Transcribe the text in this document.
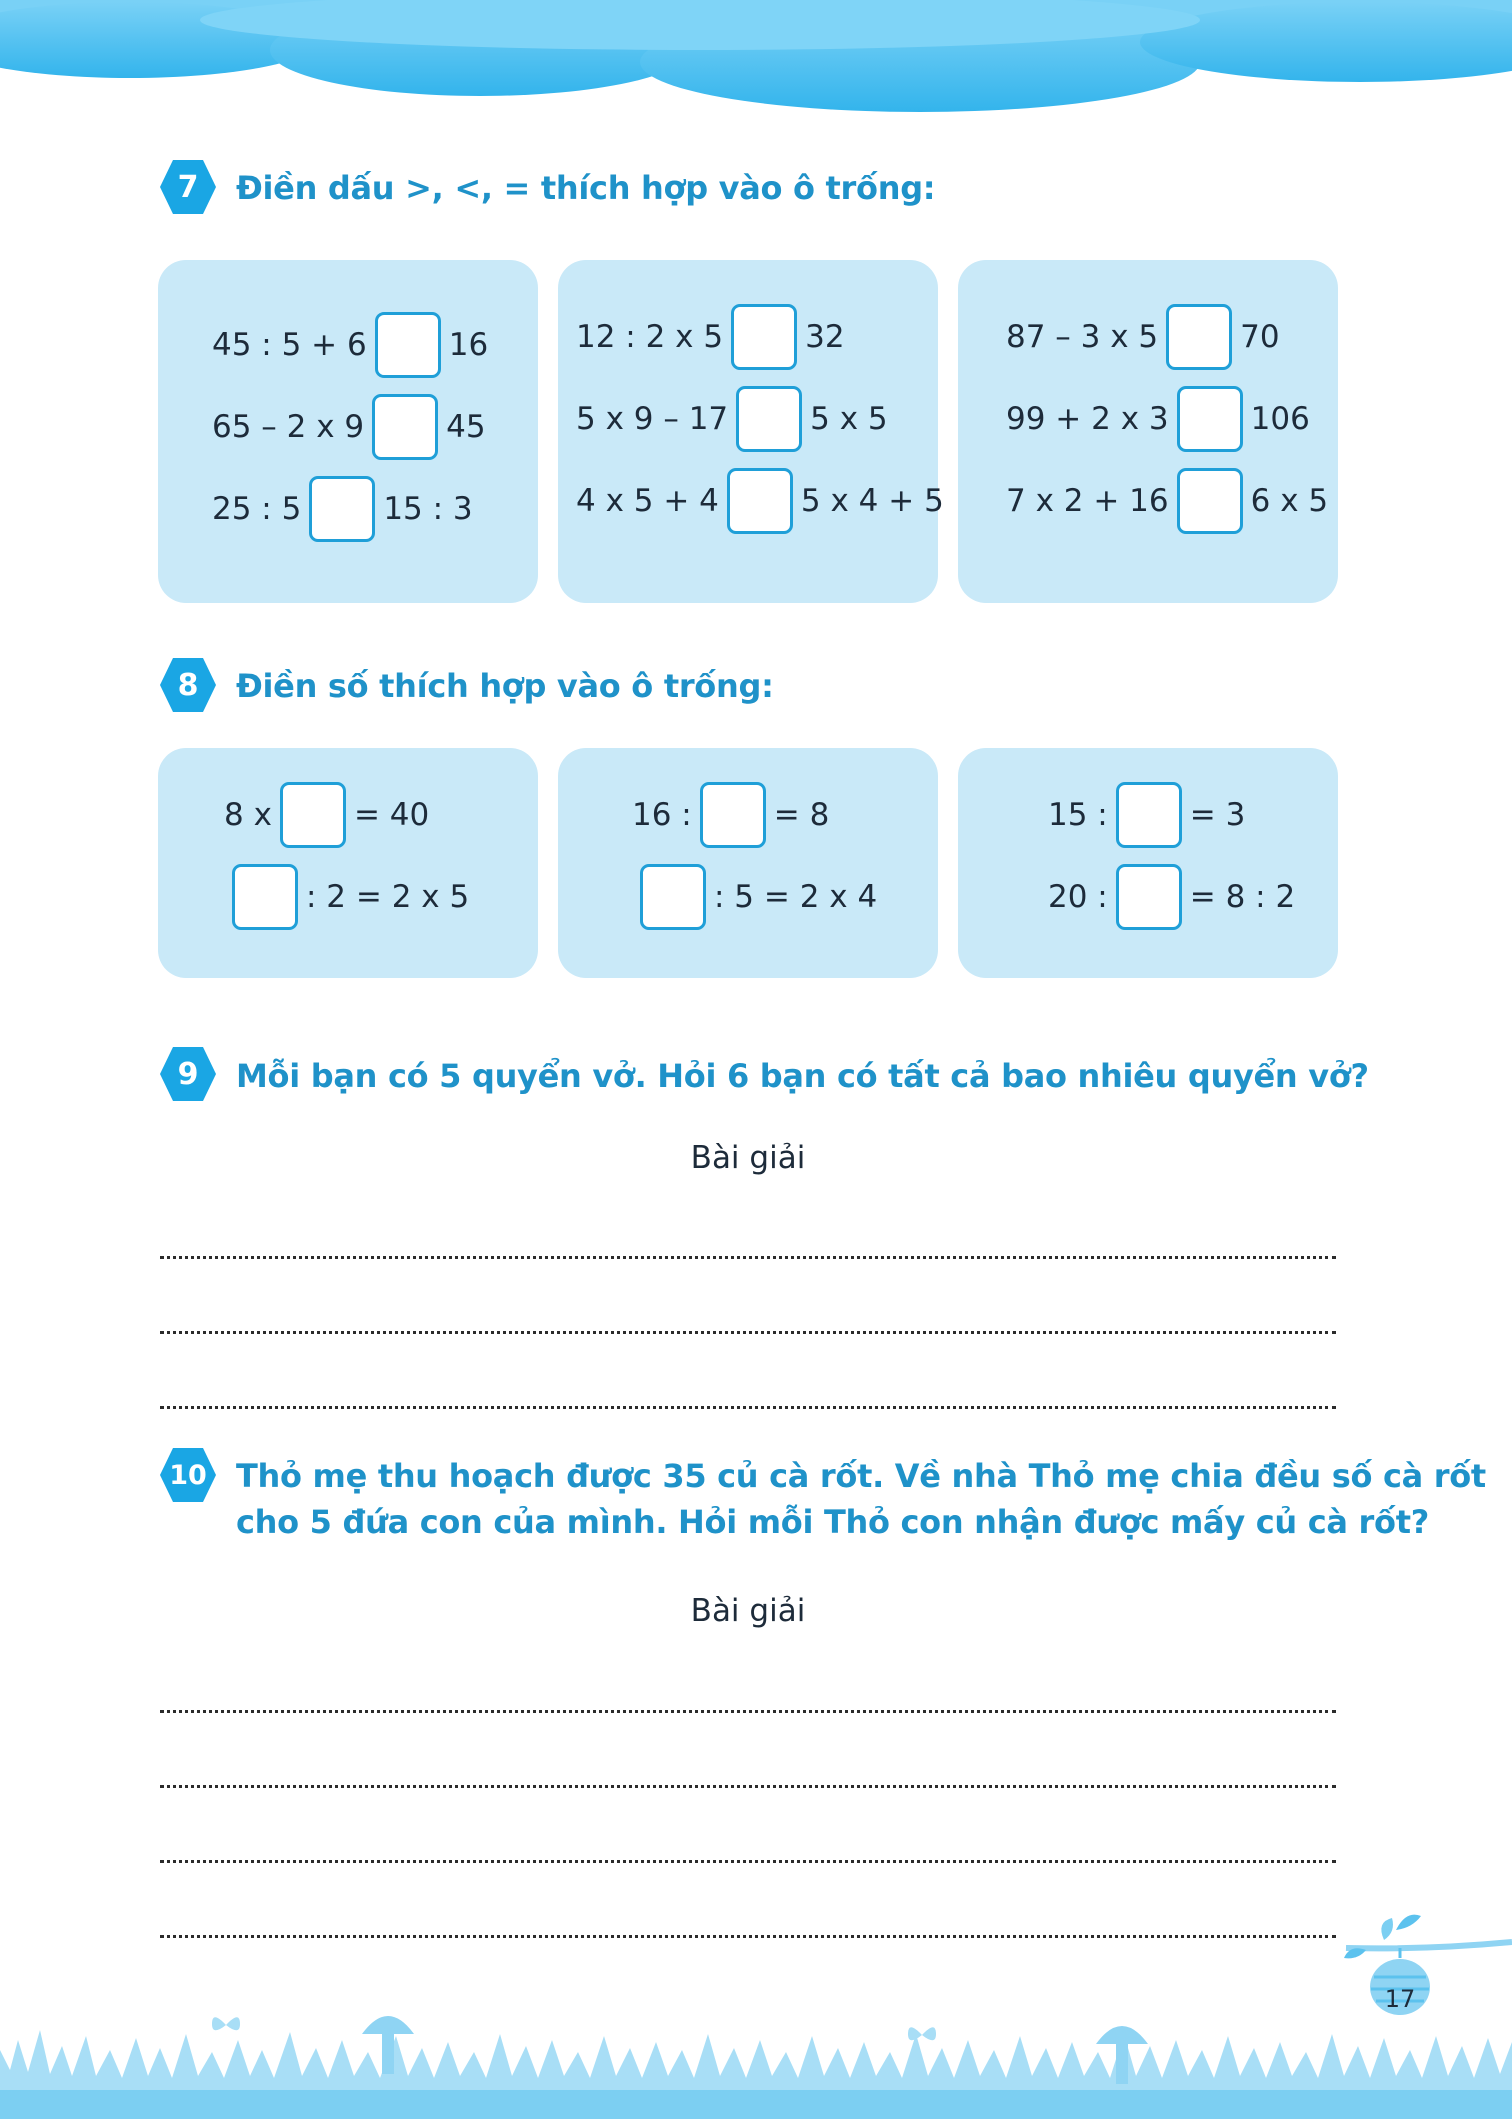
7 Điền dấu >, <, = thích hợp vào ô trống:
45 : 5 + 6	16
65 – 2 x 9	45
25 : 5	15 : 3
12 : 2 x 5	32
5 x 9 – 17	5 x 5
4 x 5 + 4	5 x 4 + 5
87 – 3 x 5	70
99 + 2 x 3	106
7 x 2 + 16	6 x 5
8 Điền số thích hợp vào ô trống:
8 x	= 40
: 2 = 2 x 5
16 :	= 8
: 5 = 2 x 4
15 :	= 3
20 :	= 8 : 2
9 Mỗi bạn có 5 quyển vở. Hỏi 6 bạn có tất cả bao nhiêu quyển vở?
Bài giải
10 Thỏ mẹ thu hoạch được 35 củ cà rốt. Về nhà Thỏ mẹ chia đều số cà rốt
cho 5 đứa con của mình. Hỏi mỗi Thỏ con nhận được mấy củ cà rốt?
Bài giải
17
